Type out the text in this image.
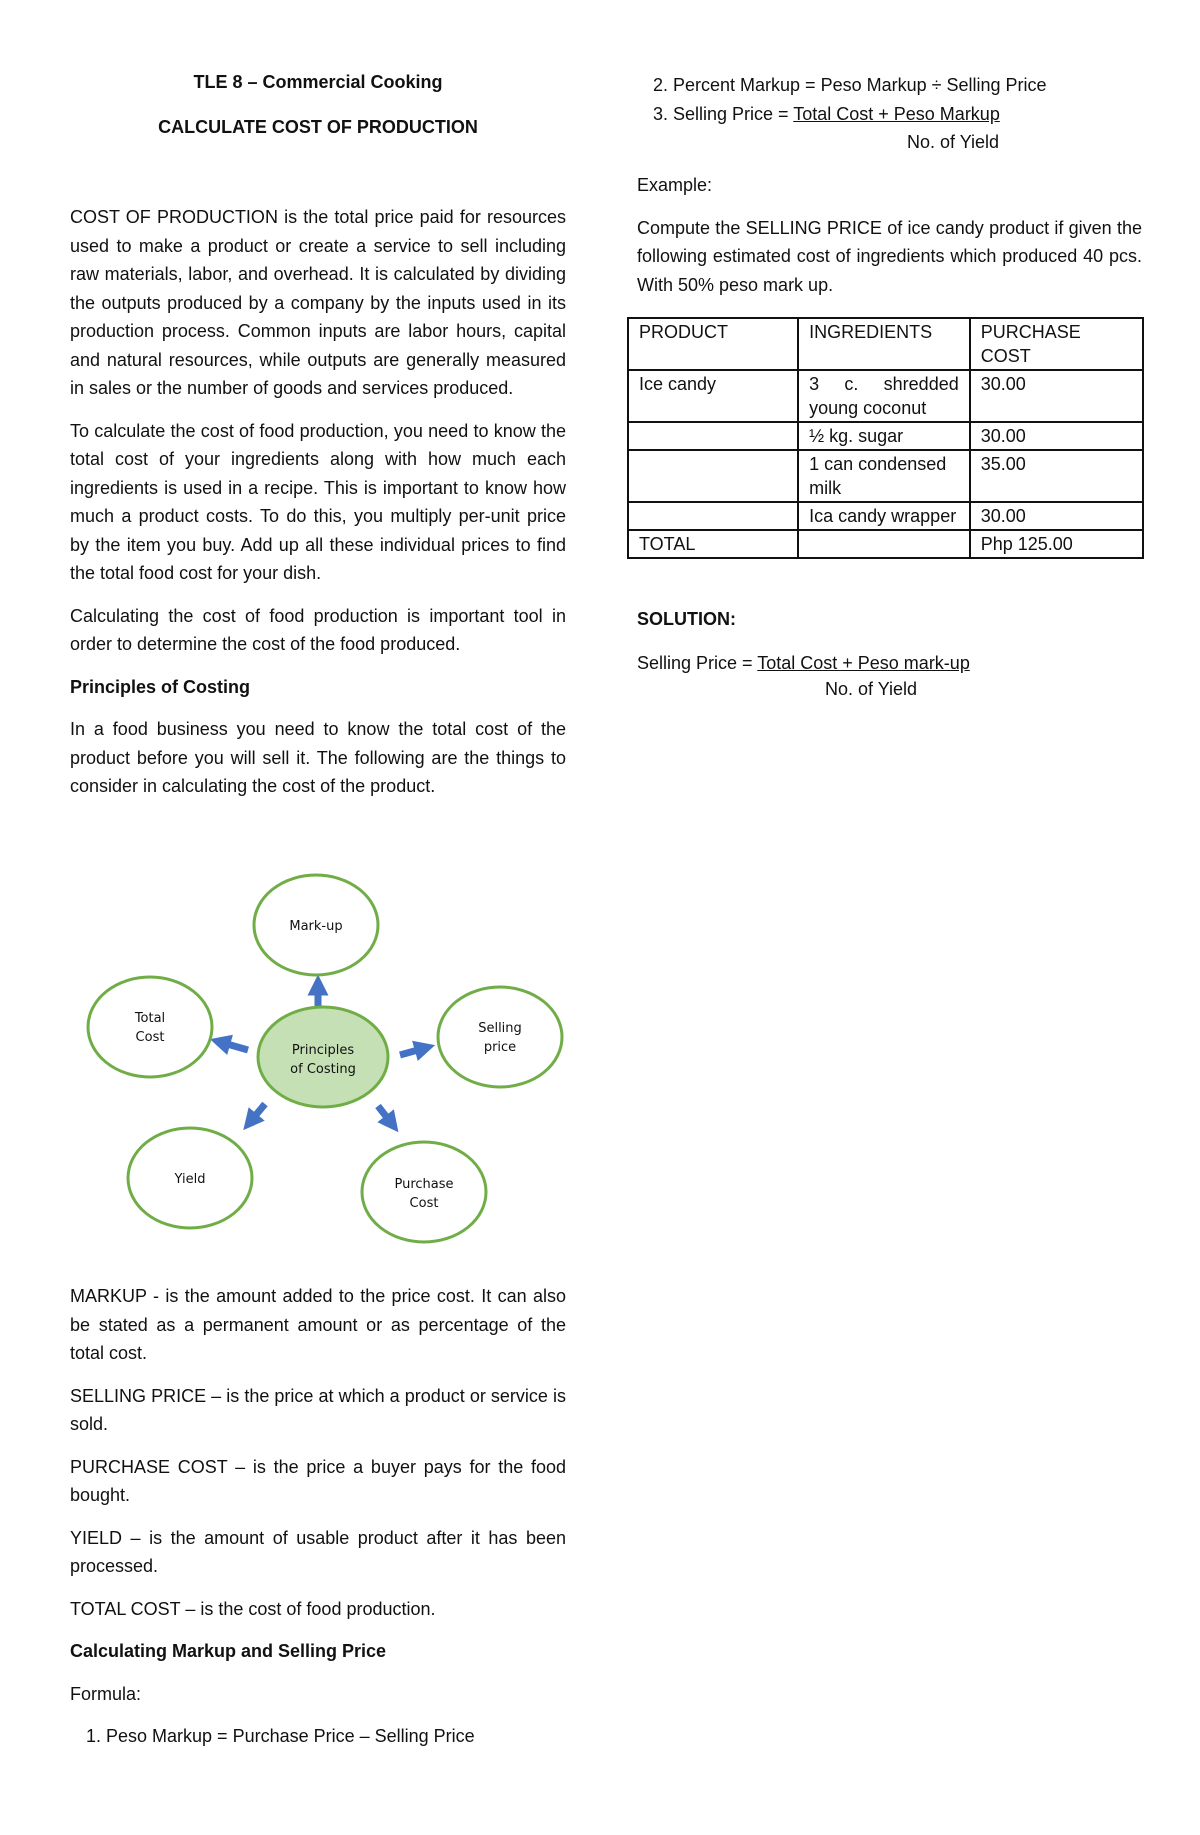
TLE 8 – Commercial Cooking
CALCULATE COST OF PRODUCTION

COST OF PRODUCTION is the total price paid for resources used to make a product or create a service to sell including raw materials, labor, and overhead. It is calculated by dividing the outputs produced by a company by the inputs used in its production process. Common inputs are labor hours, capital and natural resources, while outputs are generally measured in sales or the number of goods and services produced.

To calculate the cost of food production, you need to know the total cost of your ingredients along with how much each ingredients is used in a recipe. This is important to know how much a product costs. To do this, you multiply per-unit price by the item you buy. Add up all these individual prices to find the total food cost for your dish.

Calculating the cost of food production is important tool in order to determine the cost of the food produced.

Principles of Costing

In a food business you need to know the total cost of the product before you will sell it. The following are the things to consider in calculating the cost of the product.

Mark-up
Selling
price
Purchase
Cost
Yield
Total
Cost
Principles
of Costing

MARKUP - is the amount added to the price cost. It can also be stated as a permanent amount or as percentage of the total cost.

SELLING PRICE – is the price at which a product or service is sold.

PURCHASE COST – is the price a buyer pays for the food bought.

YIELD – is the amount of usable product after it has been processed.

TOTAL COST – is the cost of food production.

Calculating Markup and Selling Price

Formula:

1. Peso Markup = Purchase Price – Selling Price
2. Percent Markup = Peso Markup ÷ Selling Price
3. Selling Price = Total Cost + Peso Markup
No. of Yield

Example:

Compute the SELLING PRICE of ice candy product if given the following estimated cost of ingredients which produced 40 pcs. With 50% peso mark up.

PRODUCT	INGREDIENTS	PURCHASE COST
Ice candy	3 c. shredded young coconut	30.00
	½ kg. sugar	30.00
	1 can condensed milk	35.00
	Ica candy wrapper	30.00
TOTAL		Php 125.00

SOLUTION:

Selling Price = Total Cost + Peso mark-up
No. of Yield
